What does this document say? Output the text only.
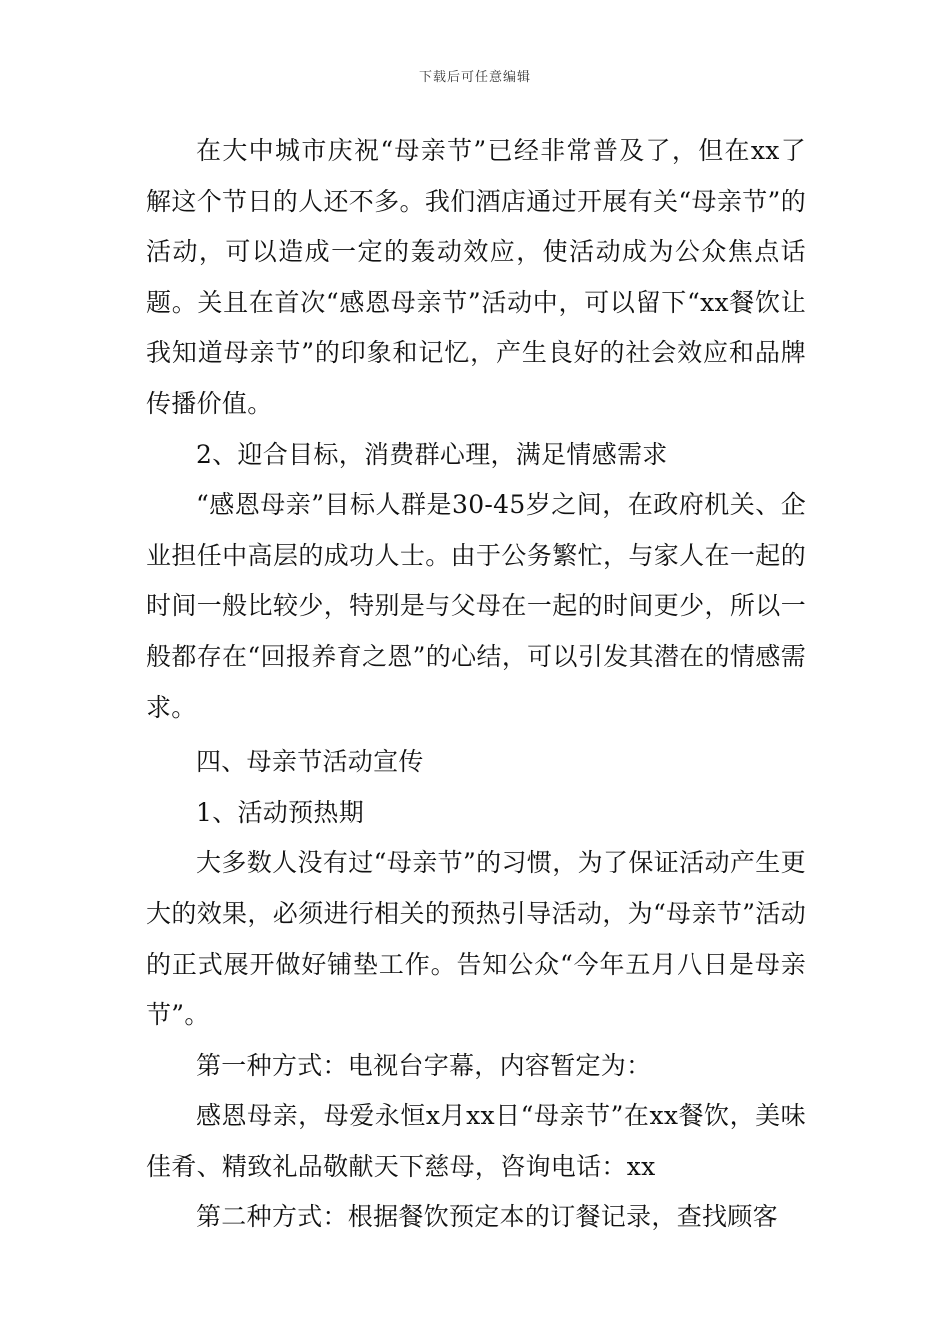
下载后可任意编辑

在大中城市庆祝“母亲节”已经非常普及了，但在xx了解这个节日的人还不多。我们酒店通过开展有关“母亲节”的活动，可以造成一定的轰动效应，使活动成为公众焦点话题。关且在首次“感恩母亲节”活动中，可以留下“xx餐饮让我知道母亲节”的印象和记忆，产生良好的社会效应和品牌传播价值。

2、迎合目标，消费群心理，满足情感需求

“感恩母亲”目标人群是30-45岁之间，在政府机关、企业担任中高层的成功人士。由于公务繁忙，与家人在一起的时间一般比较少，特别是与父母在一起的时间更少，所以一般都存在“回报养育之恩”的心结，可以引发其潜在的情感需求。

四、母亲节活动宣传

1、活动预热期

大多数人没有过“母亲节”的习惯，为了保证活动产生更大的效果，必须进行相关的预热引导活动，为“母亲节”活动的正式展开做好铺垫工作。告知公众“今年五月八日是母亲节”。

第一种方式：电视台字幕，内容暂定为：

感恩母亲，母爱永恒x月xx日“母亲节”在xx餐饮，美味佳肴、精致礼品敬献天下慈母，咨询电话：xx

第二种方式：根据餐饮预定本的订餐记录，查找顾客
